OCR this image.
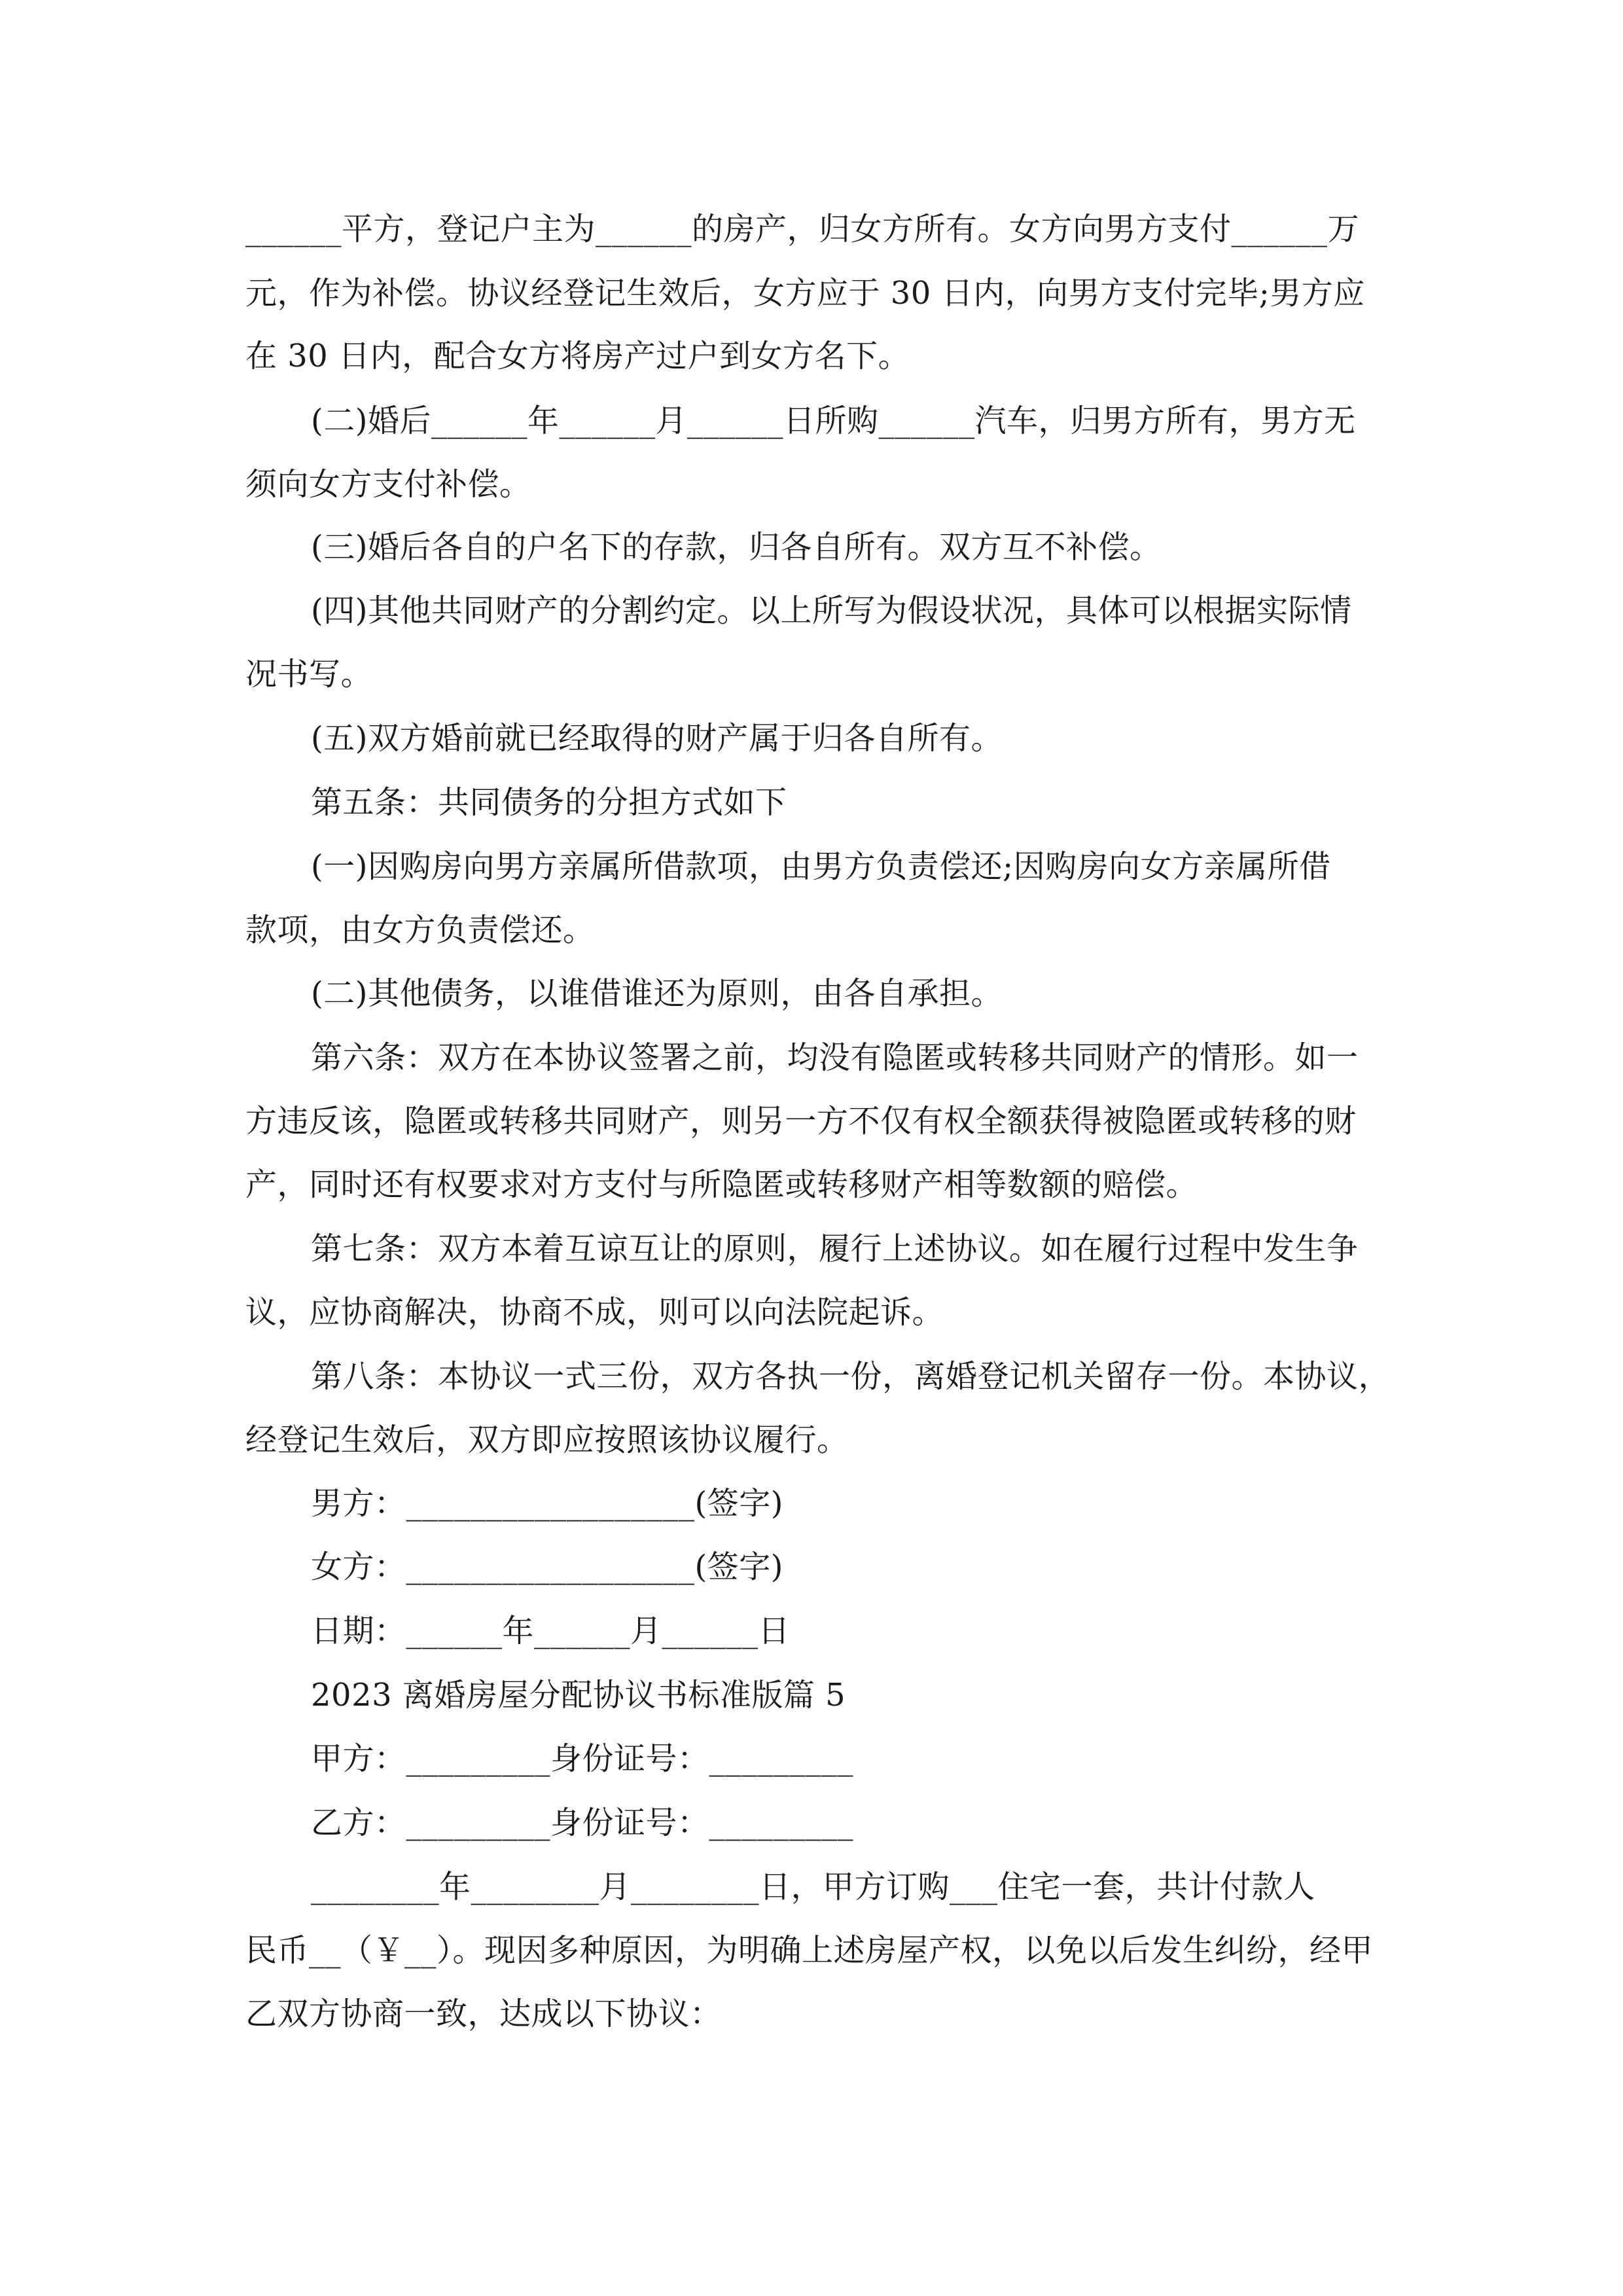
______平方，登记户主为______的房产，归女方所有。女方向男方支付______万
元，作为补偿。协议经登记生效后，女方应于 30 日内，向男方支付完毕;男方应
在 30 日内，配合女方将房产过户到女方名下。
(二)婚后______年______月______日所购______汽车，归男方所有，男方无
须向女方支付补偿。
(三)婚后各自的户名下的存款，归各自所有。双方互不补偿。
(四)其他共同财产的分割约定。以上所写为假设状况，具体可以根据实际情
况书写。
(五)双方婚前就已经取得的财产属于归各自所有。
第五条：共同债务的分担方式如下
(一)因购房向男方亲属所借款项，由男方负责偿还;因购房向女方亲属所借
款项，由女方负责偿还。
(二)其他债务，以谁借谁还为原则，由各自承担。
第六条：双方在本协议签署之前，均没有隐匿或转移共同财产的情形。如一
方违反该，隐匿或转移共同财产，则另一方不仅有权全额获得被隐匿或转移的财
产，同时还有权要求对方支付与所隐匿或转移财产相等数额的赔偿。
第七条：双方本着互谅互让的原则，履行上述协议。如在履行过程中发生争
议，应协商解决，协商不成，则可以向法院起诉。
第八条：本协议一式三份，双方各执一份，离婚登记机关留存一份。本协议，
经登记生效后，双方即应按照该协议履行。
男方：__________________(签字)
女方：__________________(签字)
日期：______年______月______日
2023 离婚房屋分配协议书标准版篇 5
甲方：_________身份证号：_________
乙方：_________身份证号：_________
________年________月________日，甲方订购___住宅一套，共计付款人
民币__（￥__）。现因多种原因，为明确上述房屋产权，以免以后发生纠纷，经甲
乙双方协商一致，达成以下协议：
